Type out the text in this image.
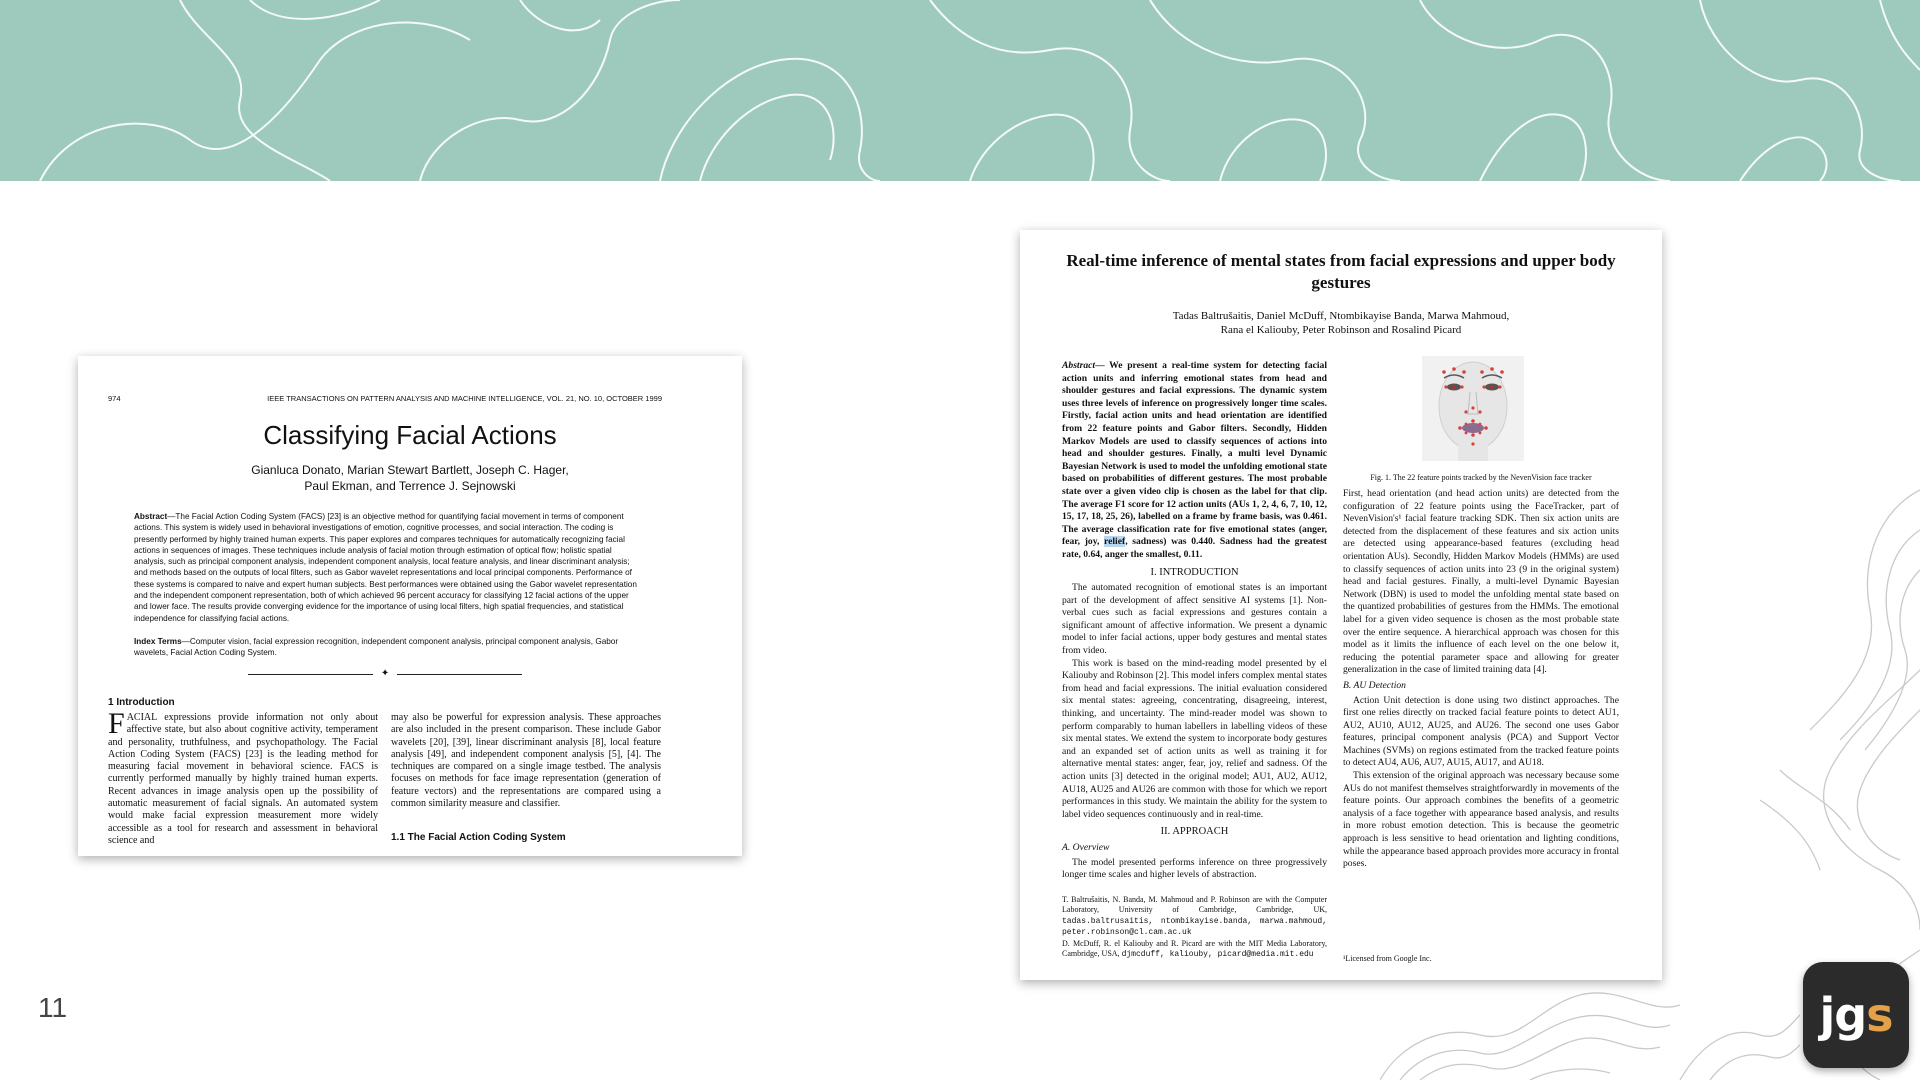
974	IEEE TRANSACTIONS ON PATTERN ANALYSIS AND MACHINE INTELLIGENCE, VOL. 21, NO. 10, OCTOBER 1999
Classifying Facial Actions
Gianluca Donato, Marian Stewart Bartlett, Joseph C. Hager,
Paul Ekman, and Terrence J. Sejnowski
Abstract—The Facial Action Coding System (FACS) [23] is an objective method for quantifying facial movement in terms of component actions. This system is widely used in behavioral investigations of emotion, cognitive processes, and social interaction. The coding is presently performed by highly trained human experts. This paper explores and compares techniques for automatically recognizing facial actions in sequences of images. These techniques include analysis of facial motion through estimation of optical flow; holistic spatial analysis, such as principal component analysis, independent component analysis, local feature analysis, and linear discriminant analysis; and methods based on the outputs of local filters, such as Gabor wavelet representations and local principal components. Performance of these systems is compared to naive and expert human subjects. Best performances were obtained using the Gabor wavelet representation and the independent component representation, both of which achieved 96 percent accuracy for classifying 12 facial actions of the upper and lower face. The results provide converging evidence for the importance of using local filters, high spatial frequencies, and statistical independence for classifying facial actions.
Index Terms—Computer vision, facial expression recognition, independent component analysis, principal component analysis, Gabor wavelets, Facial Action Coding System.
✦
1 Introduction
FACIAL expressions provide information not only about affective state, but also about cognitive activity, temperament and personality, truthfulness, and psychopathology. The Facial Action Coding System (FACS) [23] is the leading method for measuring facial movement in behavioral science. FACS is currently performed manually by highly trained human experts. Recent advances in image analysis open up the possibility of automatic measurement of facial signals. An automated system would make facial expression measurement more widely accessible as a tool for research and assessment in behavioral science and
may also be powerful for expression analysis. These approaches are also included in the present comparison. These include Gabor wavelets [20], [39], linear discriminant analysis [8], local feature analysis [49], and independent component analysis [5], [4]. The techniques are compared on a single image testbed. The analysis focuses on methods for face image representation (generation of feature vectors) and the representations are compared using a common similarity measure and classifier.
1.1 The Facial Action Coding System
Real-time inference of mental states from facial expressions and upper body gestures
Tadas Baltrušaitis, Daniel McDuff, Ntombikayise Banda, Marwa Mahmoud,
Rana el Kaliouby, Peter Robinson and Rosalind Picard
Abstract— We present a real-time system for detecting facial action units and inferring emotional states from head and shoulder gestures and facial expressions. The dynamic system uses three levels of inference on progressively longer time scales. Firstly, facial action units and head orientation are identified from 22 feature points and Gabor filters. Secondly, Hidden Markov Models are used to classify sequences of actions into head and shoulder gestures. Finally, a multi level Dynamic Bayesian Network is used to model the unfolding emotional state based on probabilities of different gestures. The most probable state over a given video clip is chosen as the label for that clip. The average F1 score for 12 action units (AUs 1, 2, 4, 6, 7, 10, 12, 15, 17, 18, 25, 26), labelled on a frame by frame basis, was 0.461. The average classification rate for five emotional states (anger, fear, joy, relief, sadness) was 0.440. Sadness had the greatest rate, 0.64, anger the smallest, 0.11.
I. INTRODUCTION

The automated recognition of emotional states is an important part of the development of affect sensitive AI systems [1]. Non-verbal cues such as facial expressions and gestures contain a significant amount of affective information. We present a dynamic model to infer facial actions, upper body gestures and mental states from video.

This work is based on the mind-reading model presented by el Kaliouby and Robinson [2]. This model infers complex mental states from head and facial expressions. The initial evaluation considered six mental states: agreeing, concentrating, disagreeing, interest, thinking, and uncertainty. The mind-reader model was shown to perform comparably to human labellers in labelling videos of these six mental states. We extend the system to incorporate body gestures and an expanded set of action units as well as training it for alternative mental states: anger, fear, joy, relief and sadness. Of the action units [3] detected in the original model; AU1, AU2, AU12, AU18, AU25 and AU26 are common with those for which we report performances in this study. We maintain the ability for the system to label video sequences continuously and in real-time.

II. APPROACH
A. Overview

The model presented performs inference on three progressively longer time scales and higher levels of abstraction.

T. Baltrušaitis, N. Banda, M. Mahmoud and P. Robinson are with the Computer Laboratory, University of Cambridge, Cambridge, UK, tadas.baltrusaitis, ntombikayise.banda, marwa.mahmoud, peter.robinson@cl.cam.ac.uk
D. McDuff, R. el Kaliouby and R. Picard are with the MIT Media Laboratory, Cambridge, USA, djmcduff, kaliouby, picard@media.mit.edu
Fig. 1. The 22 feature points tracked by the NevenVision face tracker

First, head orientation (and head action units) are detected from the configuration of 22 feature points using the FaceTracker, part of NevenVision's¹ facial feature tracking SDK. Then six action units are detected from the displacement of these features and six action units are detected using appearance-based features (excluding head orientation AUs). Secondly, Hidden Markov Models (HMMs) are used to classify sequences of action units into 23 (9 in the original system) head and facial gestures. Finally, a multi-level Dynamic Bayesian Network (DBN) is used to model the unfolding mental state based on the quantized probabilities of gestures from the HMMs. The emotional label for a given video sequence is chosen as the most probable state over the entire sequence. A hierarchical approach was chosen for this model as it limits the influence of each level on the one below it, reducing the potential parameter space and allowing for greater generalization in the case of limited training data [4].

B. AU Detection

Action Unit detection is done using two distinct approaches. The first one relies directly on tracked facial feature points to detect AU1, AU2, AU10, AU12, AU25, and AU26. The second one uses Gabor features, principal component analysis (PCA) and Support Vector Machines (SVMs) on regions estimated from the tracked feature points to detect AU4, AU6, AU7, AU15, AU17, and AU18.

This extension of the original approach was necessary because some AUs do not manifest themselves straightforwardly in movements of the feature points. Our approach combines the benefits of a geometric analysis of a face together with appearance based analysis, and results in more robust emotion detection. This is because the geometric approach is less sensitive to head orientation and lighting conditions, while the appearance based approach provides more accuracy in frontal poses.

¹Licensed from Google Inc.
11	j g s
